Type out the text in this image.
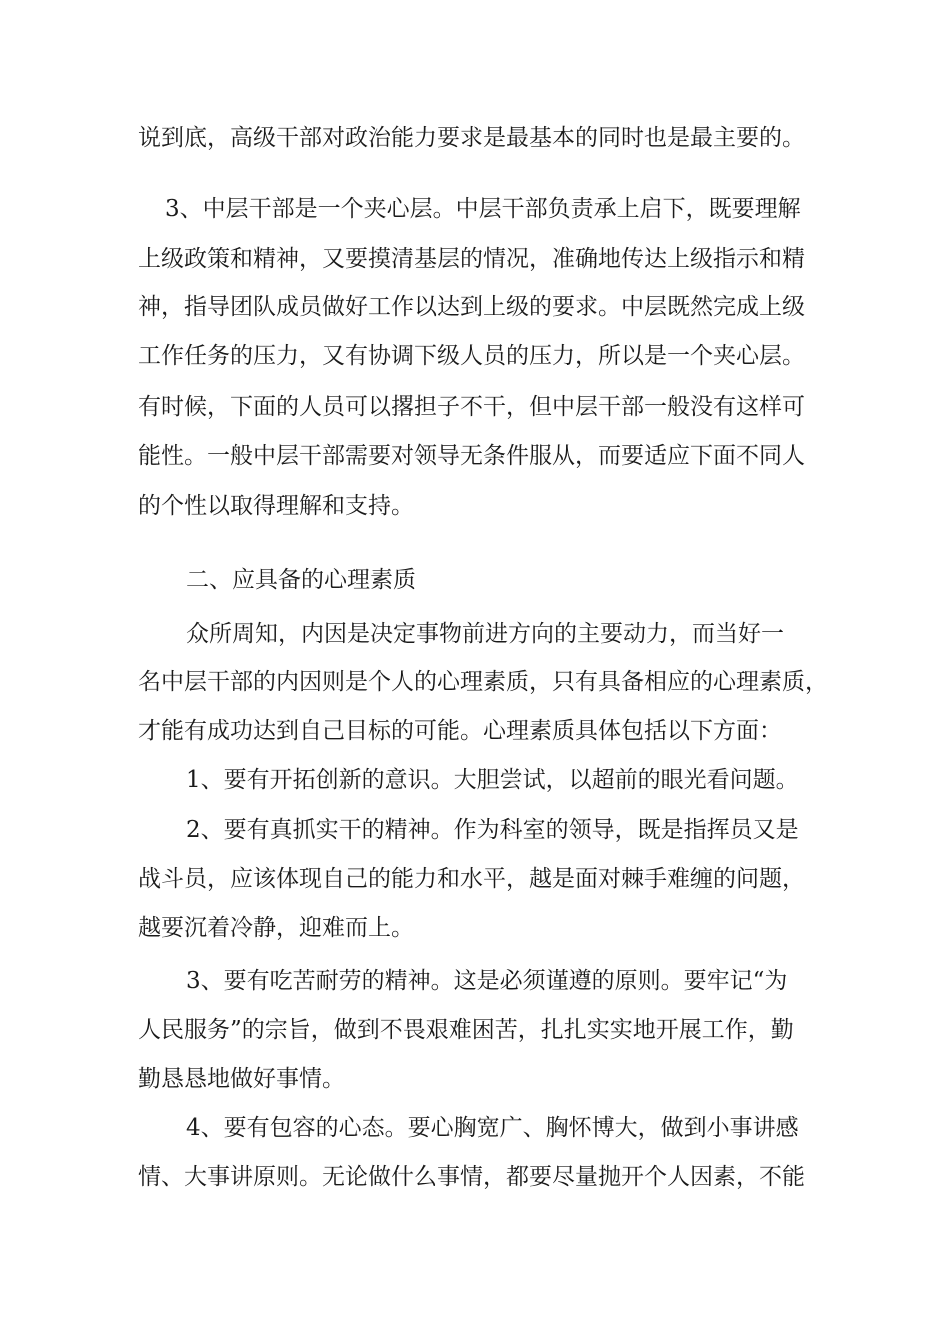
说到底，高级干部对政治能力要求是最基本的同时也是最主要的。

3、中层干部是一个夹心层。中层干部负责承上启下，既要理解

上级政策和精神，又要摸清基层的情况，准确地传达上级指示和精

神，指导团队成员做好工作以达到上级的要求。中层既然完成上级

工作任务的压力，又有协调下级人员的压力，所以是一个夹心层。

有时候，下面的人员可以撂担子不干，但中层干部一般没有这样可

能性。一般中层干部需要对领导无条件服从，而要适应下面不同人

的个性以取得理解和支持。

二、应具备的心理素质

众所周知，内因是决定事物前进方向的主要动力，而当好一

名中层干部的内因则是个人的心理素质，只有具备相应的心理素质，

才能有成功达到自己目标的可能。心理素质具体包括以下方面：

1、要有开拓创新的意识。大胆尝试，以超前的眼光看问题。

2、要有真抓实干的精神。作为科室的领导，既是指挥员又是

战斗员，应该体现自己的能力和水平，越是面对棘手难缠的问题，

越要沉着冷静，迎难而上。

3、要有吃苦耐劳的精神。这是必须谨遵的原则。要牢记“为

人民服务”的宗旨，做到不畏艰难困苦，扎扎实实地开展工作，勤

勤恳恳地做好事情。

4、要有包容的心态。要心胸宽广、胸怀博大，做到小事讲感

情、大事讲原则。无论做什么事情，都要尽量抛开个人因素，不能
